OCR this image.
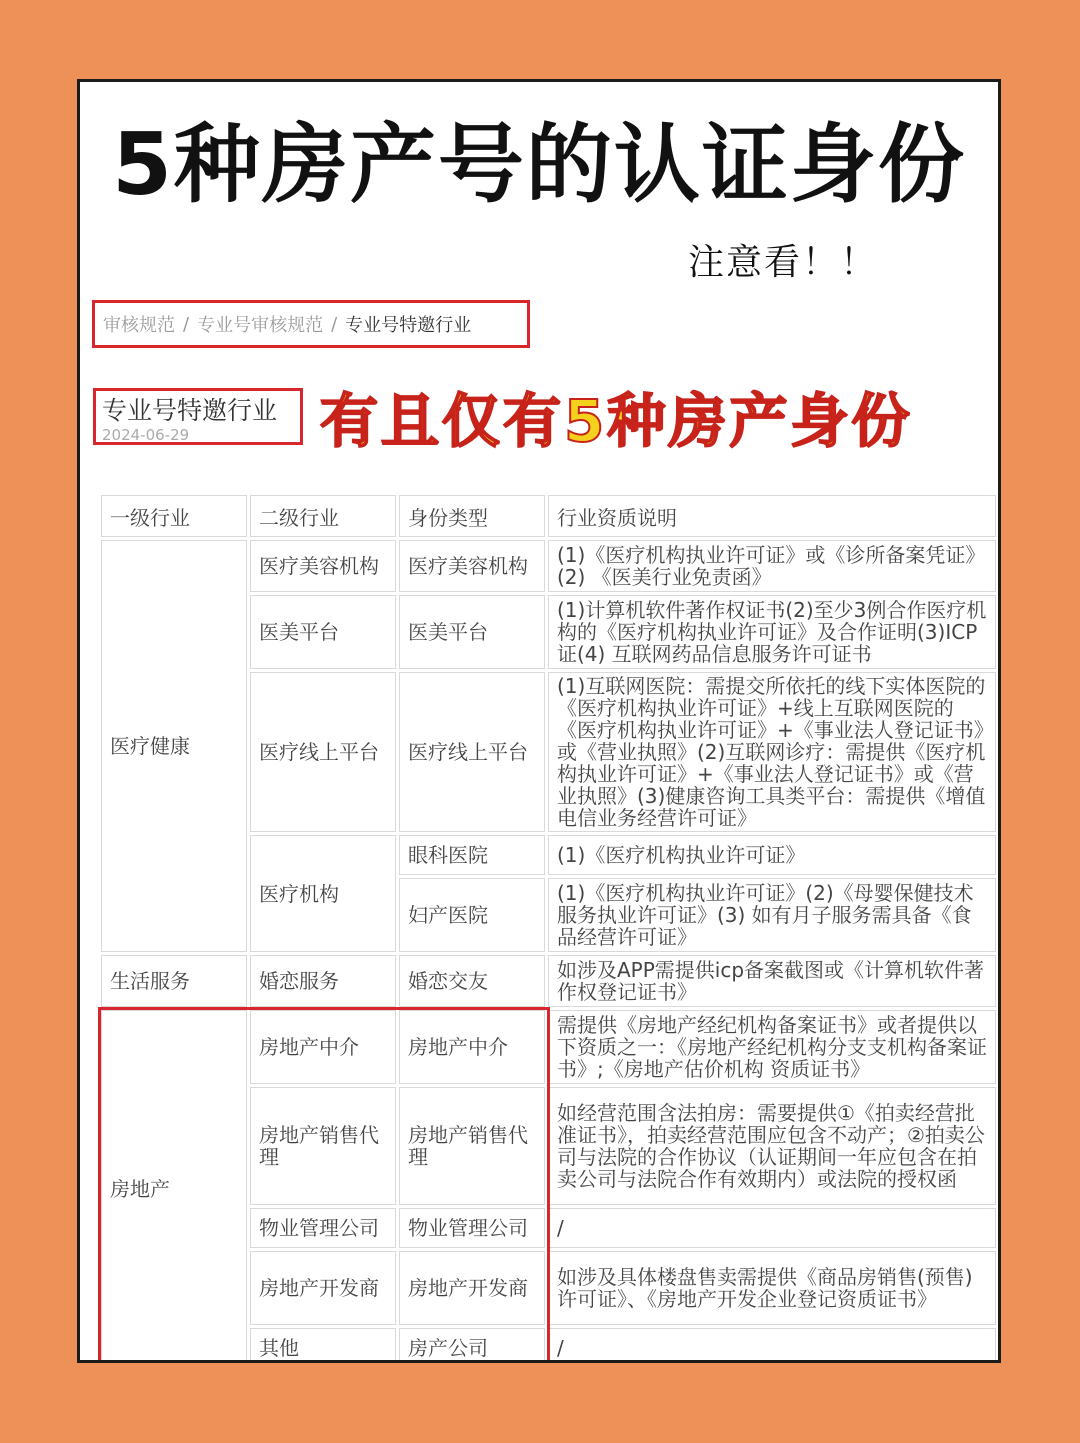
5种房产号的认证身份

注意看！！

审核规范 / 专业号审核规范 / 专业号特邀行业
专业号特邀行业
2024-06-29	有且仅有5种房产身份

一级行业	二级行业	身份类型	行业资质说明
医疗健康	医疗美容机构	医疗美容机构	(1)《医疗机构执业许可证》或《诊所备案凭证》(2) 《医美行业免责函》
	医美平台	医美平台	(1)计算机软件著作权证书(2)至少3例合作医疗机构的《医疗机构执业许可证》及合作证明(3)ICP证(4) 互联网药品信息服务许可证书
	医疗线上平台	医疗线上平台	(1)互联网医院：需提交所依托的线下实体医院的《医疗机构执业许可证》+线上互联网医院的《医疗机构执业许可证》+《事业法人登记证书》或《营业执照》(2)互联网诊疗：需提供《医疗机构执业许可证》+《事业法人登记证书》或《营业执照》(3)健康咨询工具类平台：需提供《增值电信业务经营许可证》
	医疗机构	眼科医院	(1)《医疗机构执业许可证》
		妇产医院	(1)《医疗机构执业许可证》(2)《母婴保健技术服务执业许可证》(3) 如有月子服务需具备《食品经营许可证》
生活服务	婚恋服务	婚恋交友	如涉及APP需提供icp备案截图或《计算机软件著作权登记证书》
房地产	房地产中介	房地产中介	需提供《房地产经纪机构备案证书》或者提供以下资质之一：《房地产经纪机构分支支机构备案证书》;《房地产估价机构 资质证书》
	房地产销售代理	房地产销售代理	如经营范围含法拍房：需要提供①《拍卖经营批准证书》，拍卖经营范围应包含不动产；②拍卖公司与法院的合作协议（认证期间一年应包含在拍卖公司与法院合作有效期内）或法院的授权函
	物业管理公司	物业管理公司	/
	房地产开发商	房地产开发商	如涉及具体楼盘售卖需提供《商品房销售(预售)许可证》、《房地产开发企业登记资质证书》
	其他	房产公司	/
